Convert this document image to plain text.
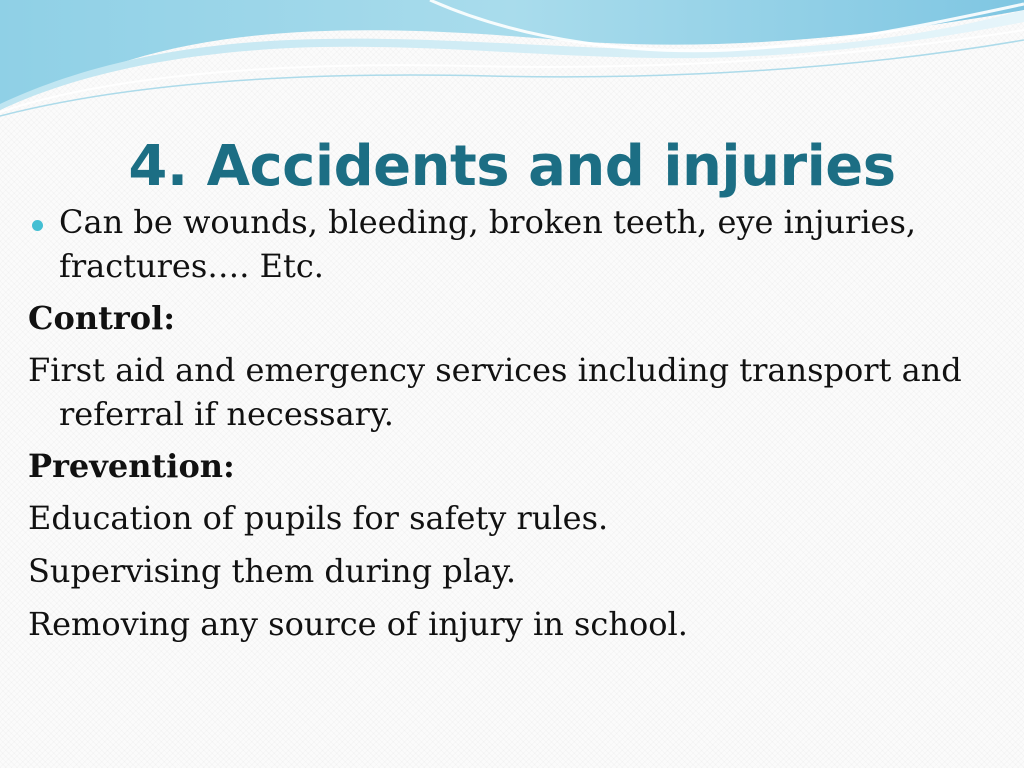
4. Accidents and injuries

Can be wounds, bleeding, broken teeth, eye injuries, fractures…. Etc.

Control:

First aid and emergency services including transport and referral if necessary.

Prevention:

Education of pupils for safety rules.

Supervising them during play.

Removing any source of injury in school.
